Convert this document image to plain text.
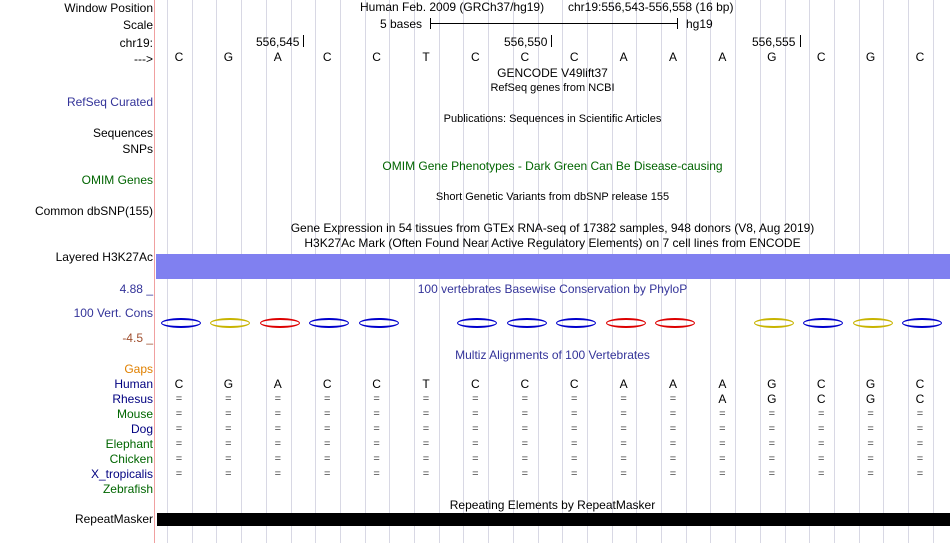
Window Position	Human Feb. 2009 (GRCh37/hg19) chr19:556,543-556,558 (16 bp)
Scale	5 bases	hg19
chr19:	556,545	556,550	556,555
---> C	G	A	C	C	T	C	C	C	A	A	A	G	C	G	C
GENCODE V49lift37
RefSeq genes from NCBI
RefSeq Curated
Publications: Sequences in Scientific Articles
Sequences
SNPs
OMIM Gene Phenotypes - Dark Green Can Be Disease-causing
OMIM Genes
Short Genetic Variants from dbSNP release 155
Common dbSNP(155)
Gene Expression in 54 tissues from GTEx RNA-seq of 17382 samples, 948 donors (V8, Aug 2019)
H3K27Ac Mark (Often Found Near Active Regulatory Elements) on 7 cell lines from ENCODE
Layered H3K27Ac
100 vertebrates Basewise Conservation by PhyloP
4.88 _
100 Vert. Cons
-4.5 _
Multiz Alignments of 100 Vertebrates
Gaps
Human C	G	A	C	C	T	C	C	C	A	A	A	G	C	G	C
Rhesus =	=	=	=	=	=	=	=	=	=	=	A	G	C	G	C
Mouse =	=	=	=	=	=	=	=	=	=	=	=	=	=	=	=
Dog =	=	=	=	=	=	=	=	=	=	=	=	=	=	=	=
Elephant =	=	=	=	=	=	=	=	=	=	=	=	=	=	=	=
Chicken =	=	=	=	=	=	=	=	=	=	=	=	=	=	=	=
X_tropicalis =	=	=	=	=	=	=	=	=	=	=	=	=	=	=	=
Zebrafish
Repeating Elements by RepeatMasker
RepeatMasker
